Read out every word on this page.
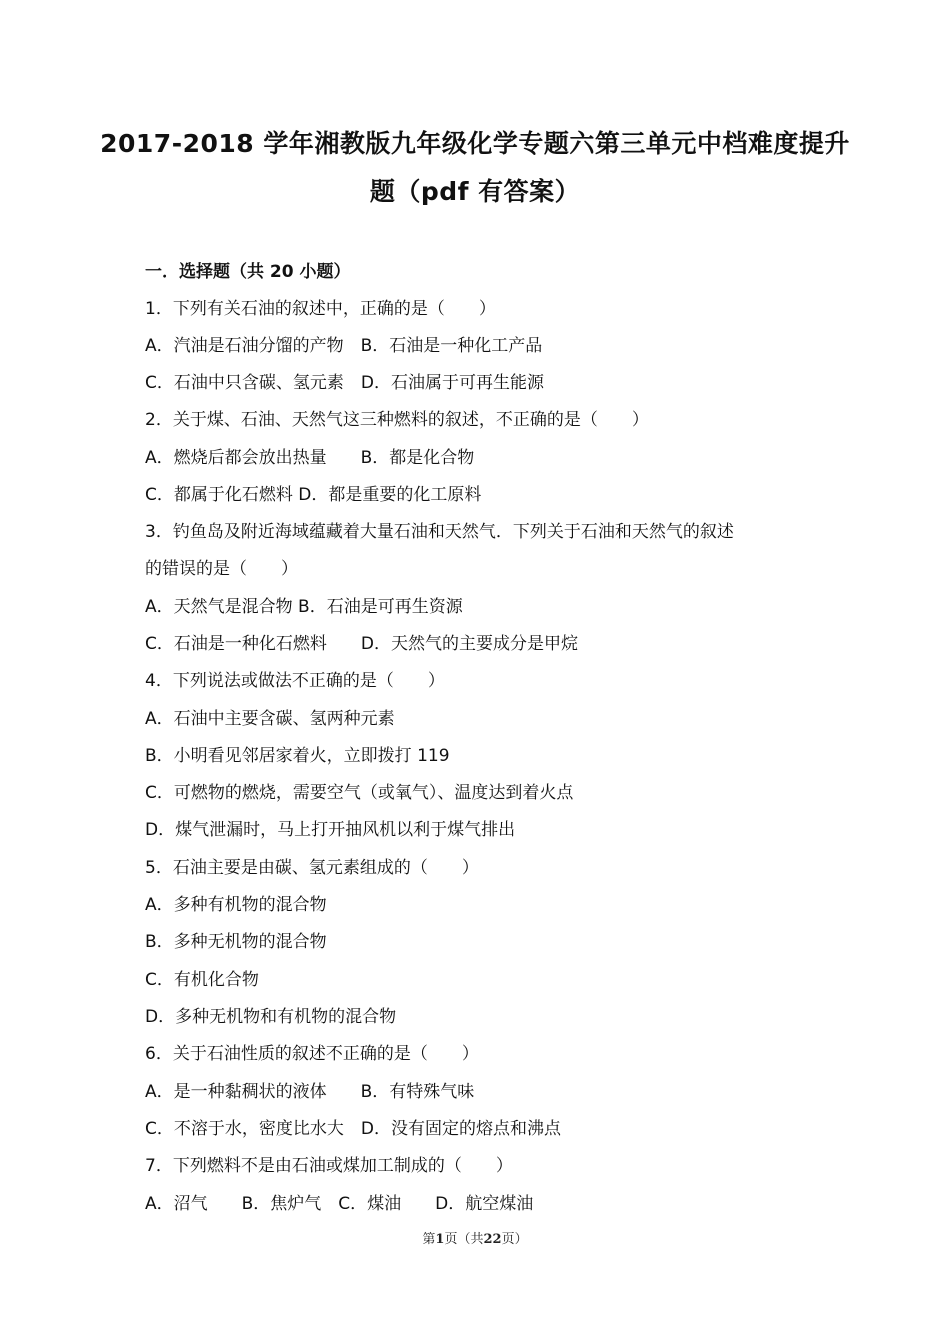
2017-2018 学年湘教版九年级化学专题六第三单元中档难度提升
题（pdf 有答案）
一．选择题（共 20 小题）
1．下列有关石油的叙述中，正确的是（　　）
A．汽油是石油分馏的产物　B．石油是一种化工产品
C．石油中只含碳、氢元素　D．石油属于可再生能源
2．关于煤、石油、天然气这三种燃料的叙述，不正确的是（　　）
A．燃烧后都会放出热量　　B．都是化合物
C．都属于化石燃料 D．都是重要的化工原料
3．钓鱼岛及附近海域蕴藏着大量石油和天然气．下列关于石油和天然气的叙述
的错误的是（　　）
A．天然气是混合物 B．石油是可再生资源
C．石油是一种化石燃料　　D．天然气的主要成分是甲烷
4．下列说法或做法不正确的是（　　）
A．石油中主要含碳、氢两种元素
B．小明看见邻居家着火，立即拨打 119
C．可燃物的燃烧，需要空气（或氧气）、温度达到着火点
D．煤气泄漏时，马上打开抽风机以利于煤气排出
5．石油主要是由碳、氢元素组成的（　　）
A．多种有机物的混合物
B．多种无机物的混合物
C．有机化合物
D．多种无机物和有机物的混合物
6．关于石油性质的叙述不正确的是（　　）
A．是一种黏稠状的液体　　B．有特殊气味
C．不溶于水，密度比水大　D．没有固定的熔点和沸点
7．下列燃料不是由石油或煤加工制成的（　　）
A．沼气　　B．焦炉气　C．煤油　　D．航空煤油
第1页（共22页）
